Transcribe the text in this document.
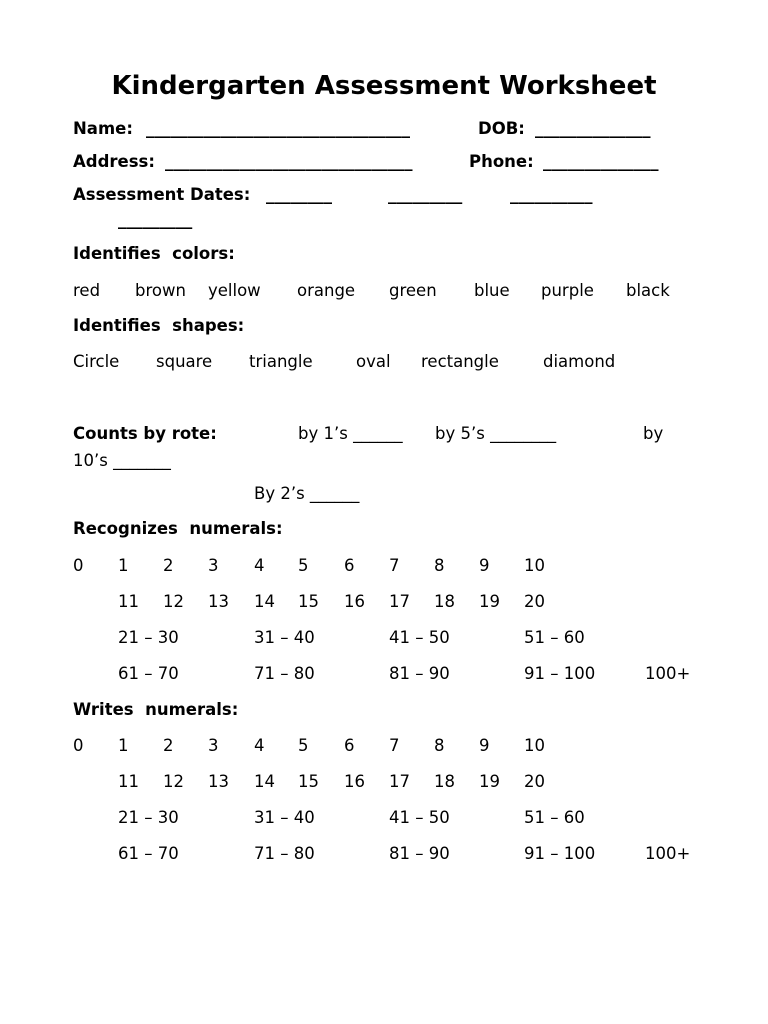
Kindergarten Assessment Worksheet
Name: ________________________________	DOB: ______________
Address: ______________________________	Phone: ______________
Assessment Dates: ________	_________	__________
_________
Identifies  colors:
red brown yellow orange green blue purple black
Identifies  shapes:
Circle square triangle	oval rectangle	diamond
Counts by rote:	by 1’s ______ by 5’s ________	by
10’s _______
By 2’s ______
Recognizes  numerals:
0 1 2 3 4 5 6 7 8 9 10
11 12 13 14 15 16 17 18 19 20
21 – 30	31 – 40	41 – 50	51 – 60
61 – 70	71 – 80	81 – 90	91 – 100	100+
Writes  numerals:
0 1 2 3 4 5 6 7 8 9 10
11 12 13 14 15 16 17 18 19 20
21 – 30	31 – 40	41 – 50	51 – 60
61 – 70	71 – 80	81 – 90	91 – 100	100+
